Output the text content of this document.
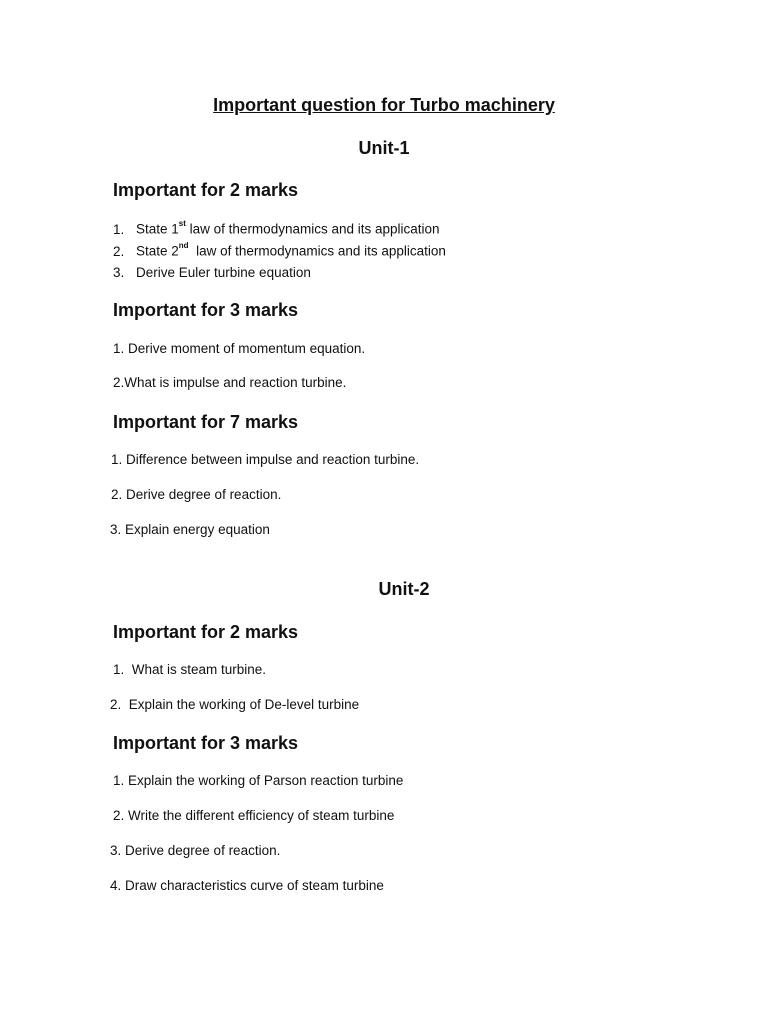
Important question for Turbo machinery
Unit-1
Important for 2 marks
1. State 1st law of thermodynamics and its application
2. State 2nd  law of thermodynamics and its application
3. Derive Euler turbine equation
Important for 3 marks
1. Derive moment of momentum equation.
2.What is impulse and reaction turbine.
Important for 7 marks
1. Difference between impulse and reaction turbine.
2. Derive degree of reaction.
3. Explain energy equation
Unit-2
Important for 2 marks
1.  What is steam turbine.
2.  Explain the working of De-level turbine
Important for 3 marks
1. Explain the working of Parson reaction turbine
2. Write the different efficiency of steam turbine
3. Derive degree of reaction.
4. Draw characteristics curve of steam turbine
